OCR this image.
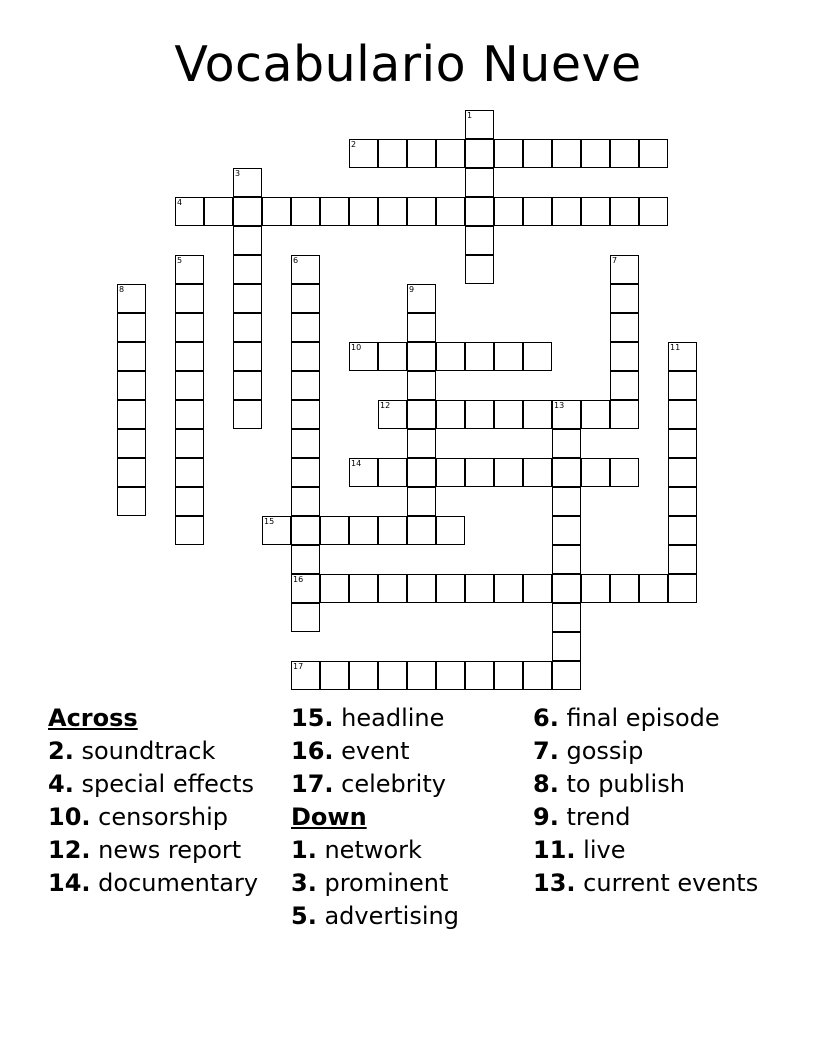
Vocabulario Nueve
1
2
3
4
5	6
16
7
8	9
10	11
12	13
14
15
17
Across
2. soundtrack
4. special effects
10. censorship
12. news report
14. documentary
15. headline
16. event
17. celebrity
Down
1. network
3. prominent
5. advertising
6. final episode
7. gossip
8. to publish
9. trend
11. live
13. current events
